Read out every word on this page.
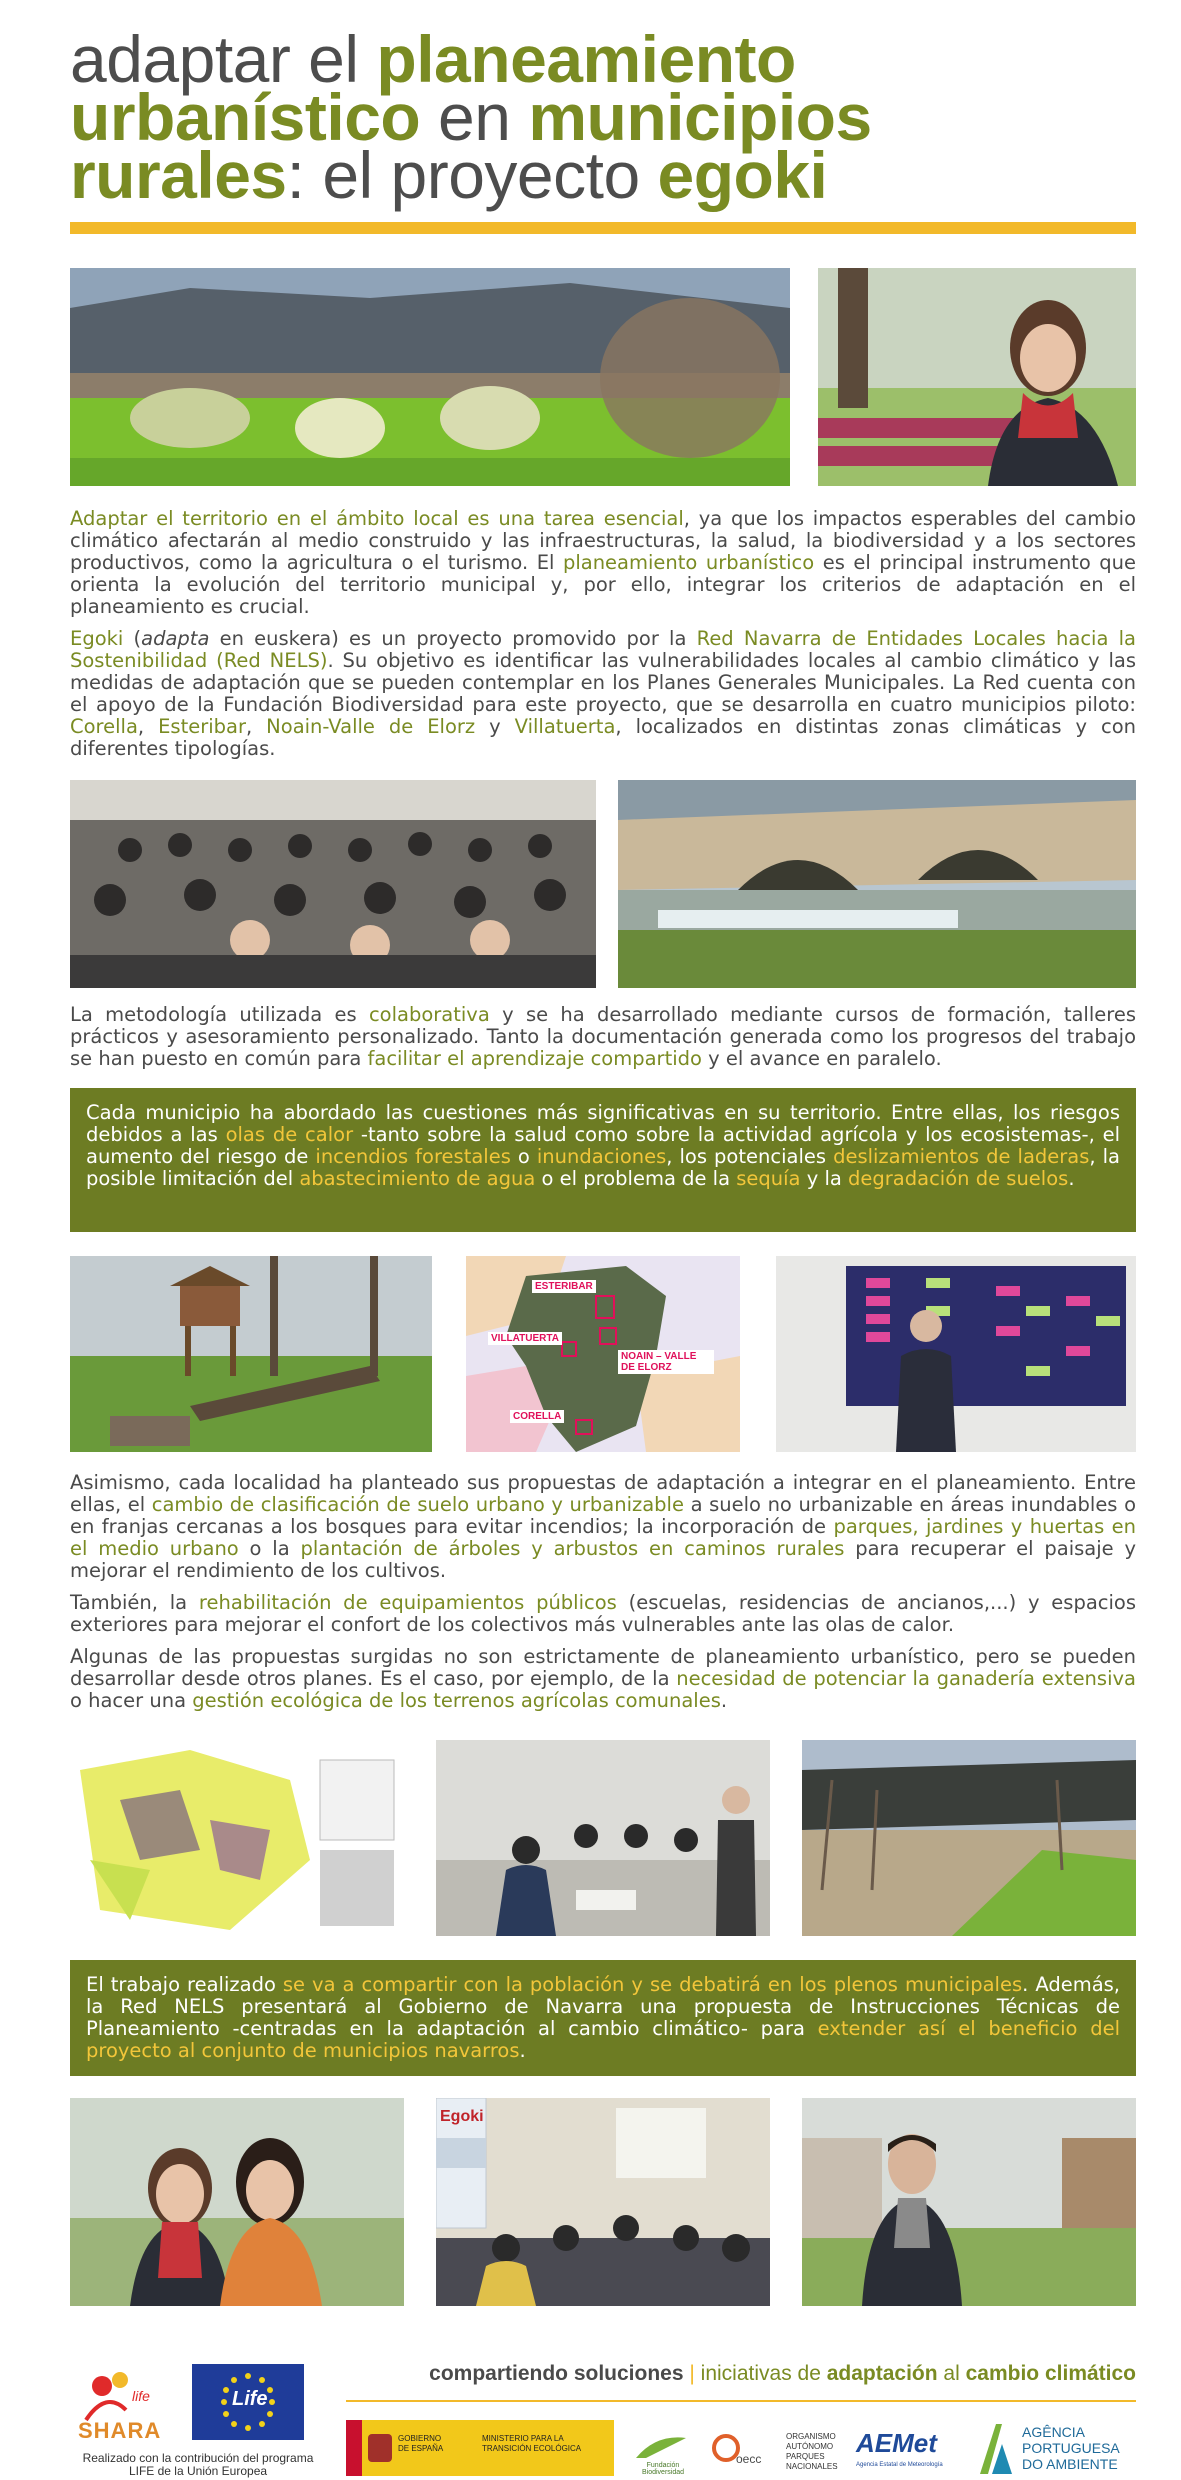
adaptar el planeamiento
urbanístico en municipios
rurales: el proyecto egoki

Adaptar el territorio en el ámbito local es una tarea esencial, ya que los impactos esperables del cambio climático afectarán al medio construido y las infraestructuras, la salud, la biodiversidad y a los sectores productivos, como la agricultura o el turismo. El planeamiento urbanístico es el principal instrumento que orienta la evolución del territorio municipal y, por ello, integrar los criterios de adaptación en el planeamiento es crucial.

Egoki (adapta en euskera) es un proyecto promovido por la Red Navarra de Entidades Locales hacia la Sostenibilidad (Red NELS). Su objetivo es identificar las vulnerabilidades locales al cambio climático y las medidas de adaptación que se pueden contemplar en los Planes Generales Municipales. La Red cuenta con el apoyo de la Fundación Biodiversidad para este proyecto, que se desarrolla en cuatro municipios piloto: Corella, Esteribar, Noain-Valle de Elorz y Villatuerta, localizados en distintas zonas climáticas y con diferentes tipologías.

La metodología utilizada es colaborativa y se ha desarrollado mediante cursos de formación, talleres prácticos y asesoramiento personalizado. Tanto la documentación generada como los progresos del trabajo se han puesto en común para facilitar el aprendizaje compartido y el avance en paralelo.

Cada municipio ha abordado las cuestiones más significativas en su territorio. Entre ellas, los riesgos debidos a las olas de calor -tanto sobre la salud como sobre la actividad agrícola y los ecosistemas-, el aumento del riesgo de incendios forestales o inundaciones, los potenciales deslizamientos de laderas, la posible limitación del abastecimiento de agua o el problema de la sequía y la degradación de suelos.
ESTERIBAR
VILLATUERTA
NOAIN – VALLE DE ELORZ
CORELLA

Asimismo, cada localidad ha planteado sus propuestas de adaptación a integrar en el planeamiento. Entre ellas, el cambio de clasificación de suelo urbano y urbanizable a suelo no urbanizable en áreas inundables o en franjas cercanas a los bosques para evitar incendios; la incorporación de parques, jardines y huertas en el medio urbano o la plantación de árboles y arbustos en caminos rurales para recuperar el paisaje y mejorar el rendimiento de los cultivos.

También, la rehabilitación de equipamientos públicos (escuelas, residencias de ancianos,...) y espacios exteriores para mejorar el confort de los colectivos más vulnerables ante las olas de calor.

Algunas de las propuestas surgidas no son estrictamente de planeamiento urbanístico, pero se pueden desarrollar desde otros planes. Es el caso, por ejemplo, de la necesidad de potenciar la ganadería extensiva o hacer una gestión ecológica de los terrenos agrícolas comunales.

El trabajo realizado se va a compartir con la población y se debatirá en los plenos municipales. Además, la Red NELS presentará al Gobierno de Navarra una propuesta de Instrucciones Técnicas de Planeamiento -centradas en la adaptación al cambio climático- para extender así el beneficio del proyecto al conjunto de municipios navarros.
Egoki
compartiendo soluciones | iniciativas de adaptación al cambio climático
life
SHARA
Life
Realizado con la contribución del programa LIFE de la Unión Europea
GOBIERNO DE ESPAÑA
MINISTERIO PARA LA TRANSICIÓN ECOLÓGICA
Fundación Biodiversidad
oecc
ORGANISMO AUTÓNOMO PARQUES NACIONALES
AEMet
Agencia Estatal de Meteorología
AGÊNCIA
PORTUGUESA
DO AMBIENTE
